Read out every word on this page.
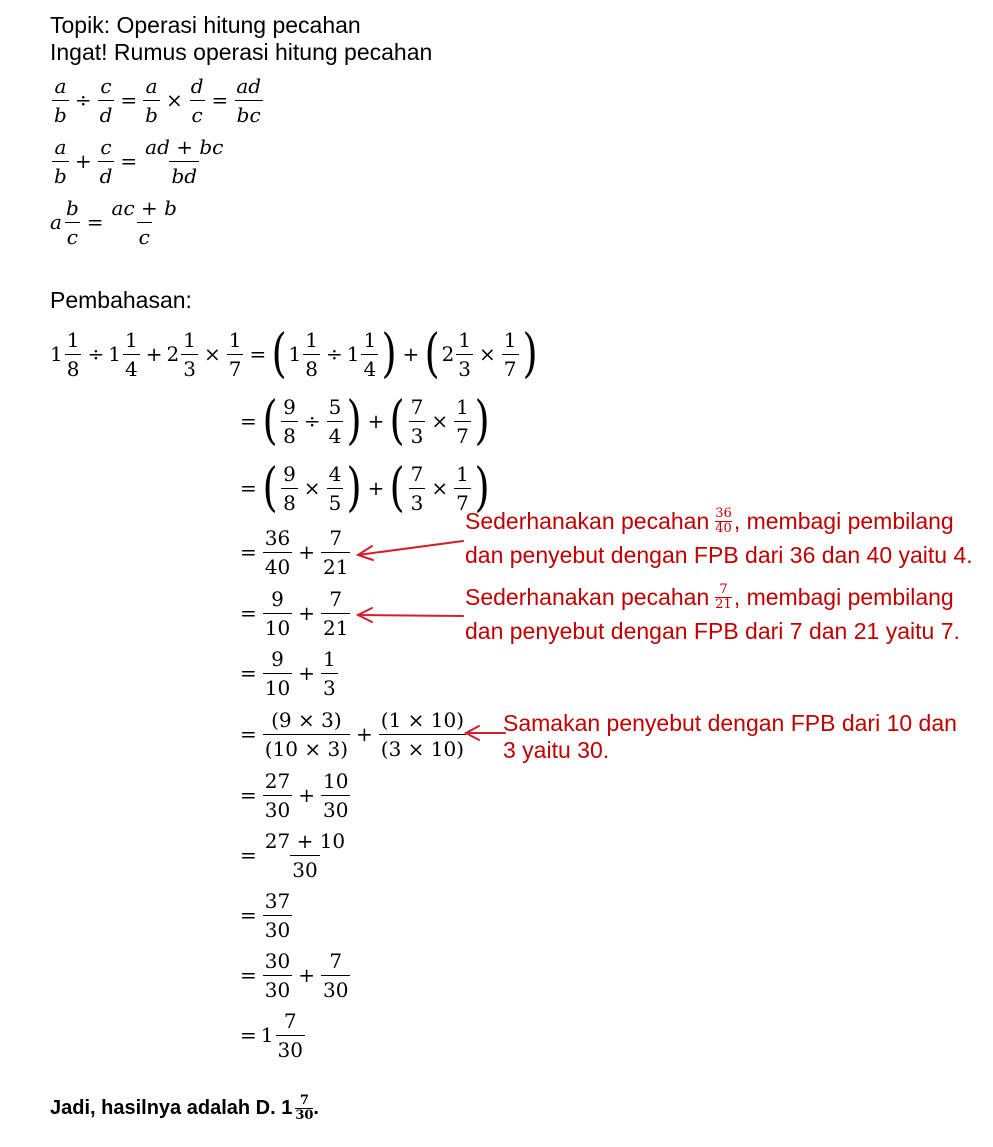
Topik: Operasi hitung pecahan
Ingat! Rumus operasi hitung pecahan
$\frac{a}{b} \div \frac{c}{d} = \frac{a}{b} \times \frac{d}{c} = \frac{ad}{bc}$
a
b
+ $\frac{c}{d} = \frac{ad + bc}{bd}$
a $\frac{b}{c} = \frac{ac + b}{c}$
Pembahasan:
$1 \frac{1}{8} \div 1$
1
4
+ $2 \frac{1}{3} \times \frac{1}{7}$ = ( $1 \frac{1}{8} \div 1$
1
4 ) + ( $2 \frac{1}{3} \times \frac{1}{7}$ )
= ( $\frac{9}{8} \div \frac{5}{4}$ ) + ( $\frac{7}{3} \times \frac{1}{7}$ )
= ( $\frac{9}{8} \times \frac{4}{5}$ ) + ( $\frac{7}{3} \times \frac{1}{7}$ )
= $\frac{36}{40} + \frac{7}{21}$
= $\frac{9}{10} + \frac{7}{21}$
= $\frac{9}{10} + \frac{1}{3}$
= $\frac{(9 \times 3)}{(10 \times 3)} + \frac{(1 \times 10)}{(3 \times 10)}$
= $\frac{27}{30} + \frac{10}{30}$
= $\frac{27 + 10}{30}$
= $\frac{37}{30}$
= $\frac{30}{30} + \frac{7}{30}$
= 1
7
30
Sederhanakan pecahan 36
40 , membagi pembilang
dan penyebut dengan FPB dari 36 dan 40 yaitu 4.
Sederhanakan pecahan 7
21 , membagi pembilang
dan penyebut dengan FPB dari 7 dan 21 yaitu 7.
Samakan penyebut dengan FPB dari 10 dan
3 yaitu 30.
Jadi, hasilnya adalah D. 1 7
30 .
